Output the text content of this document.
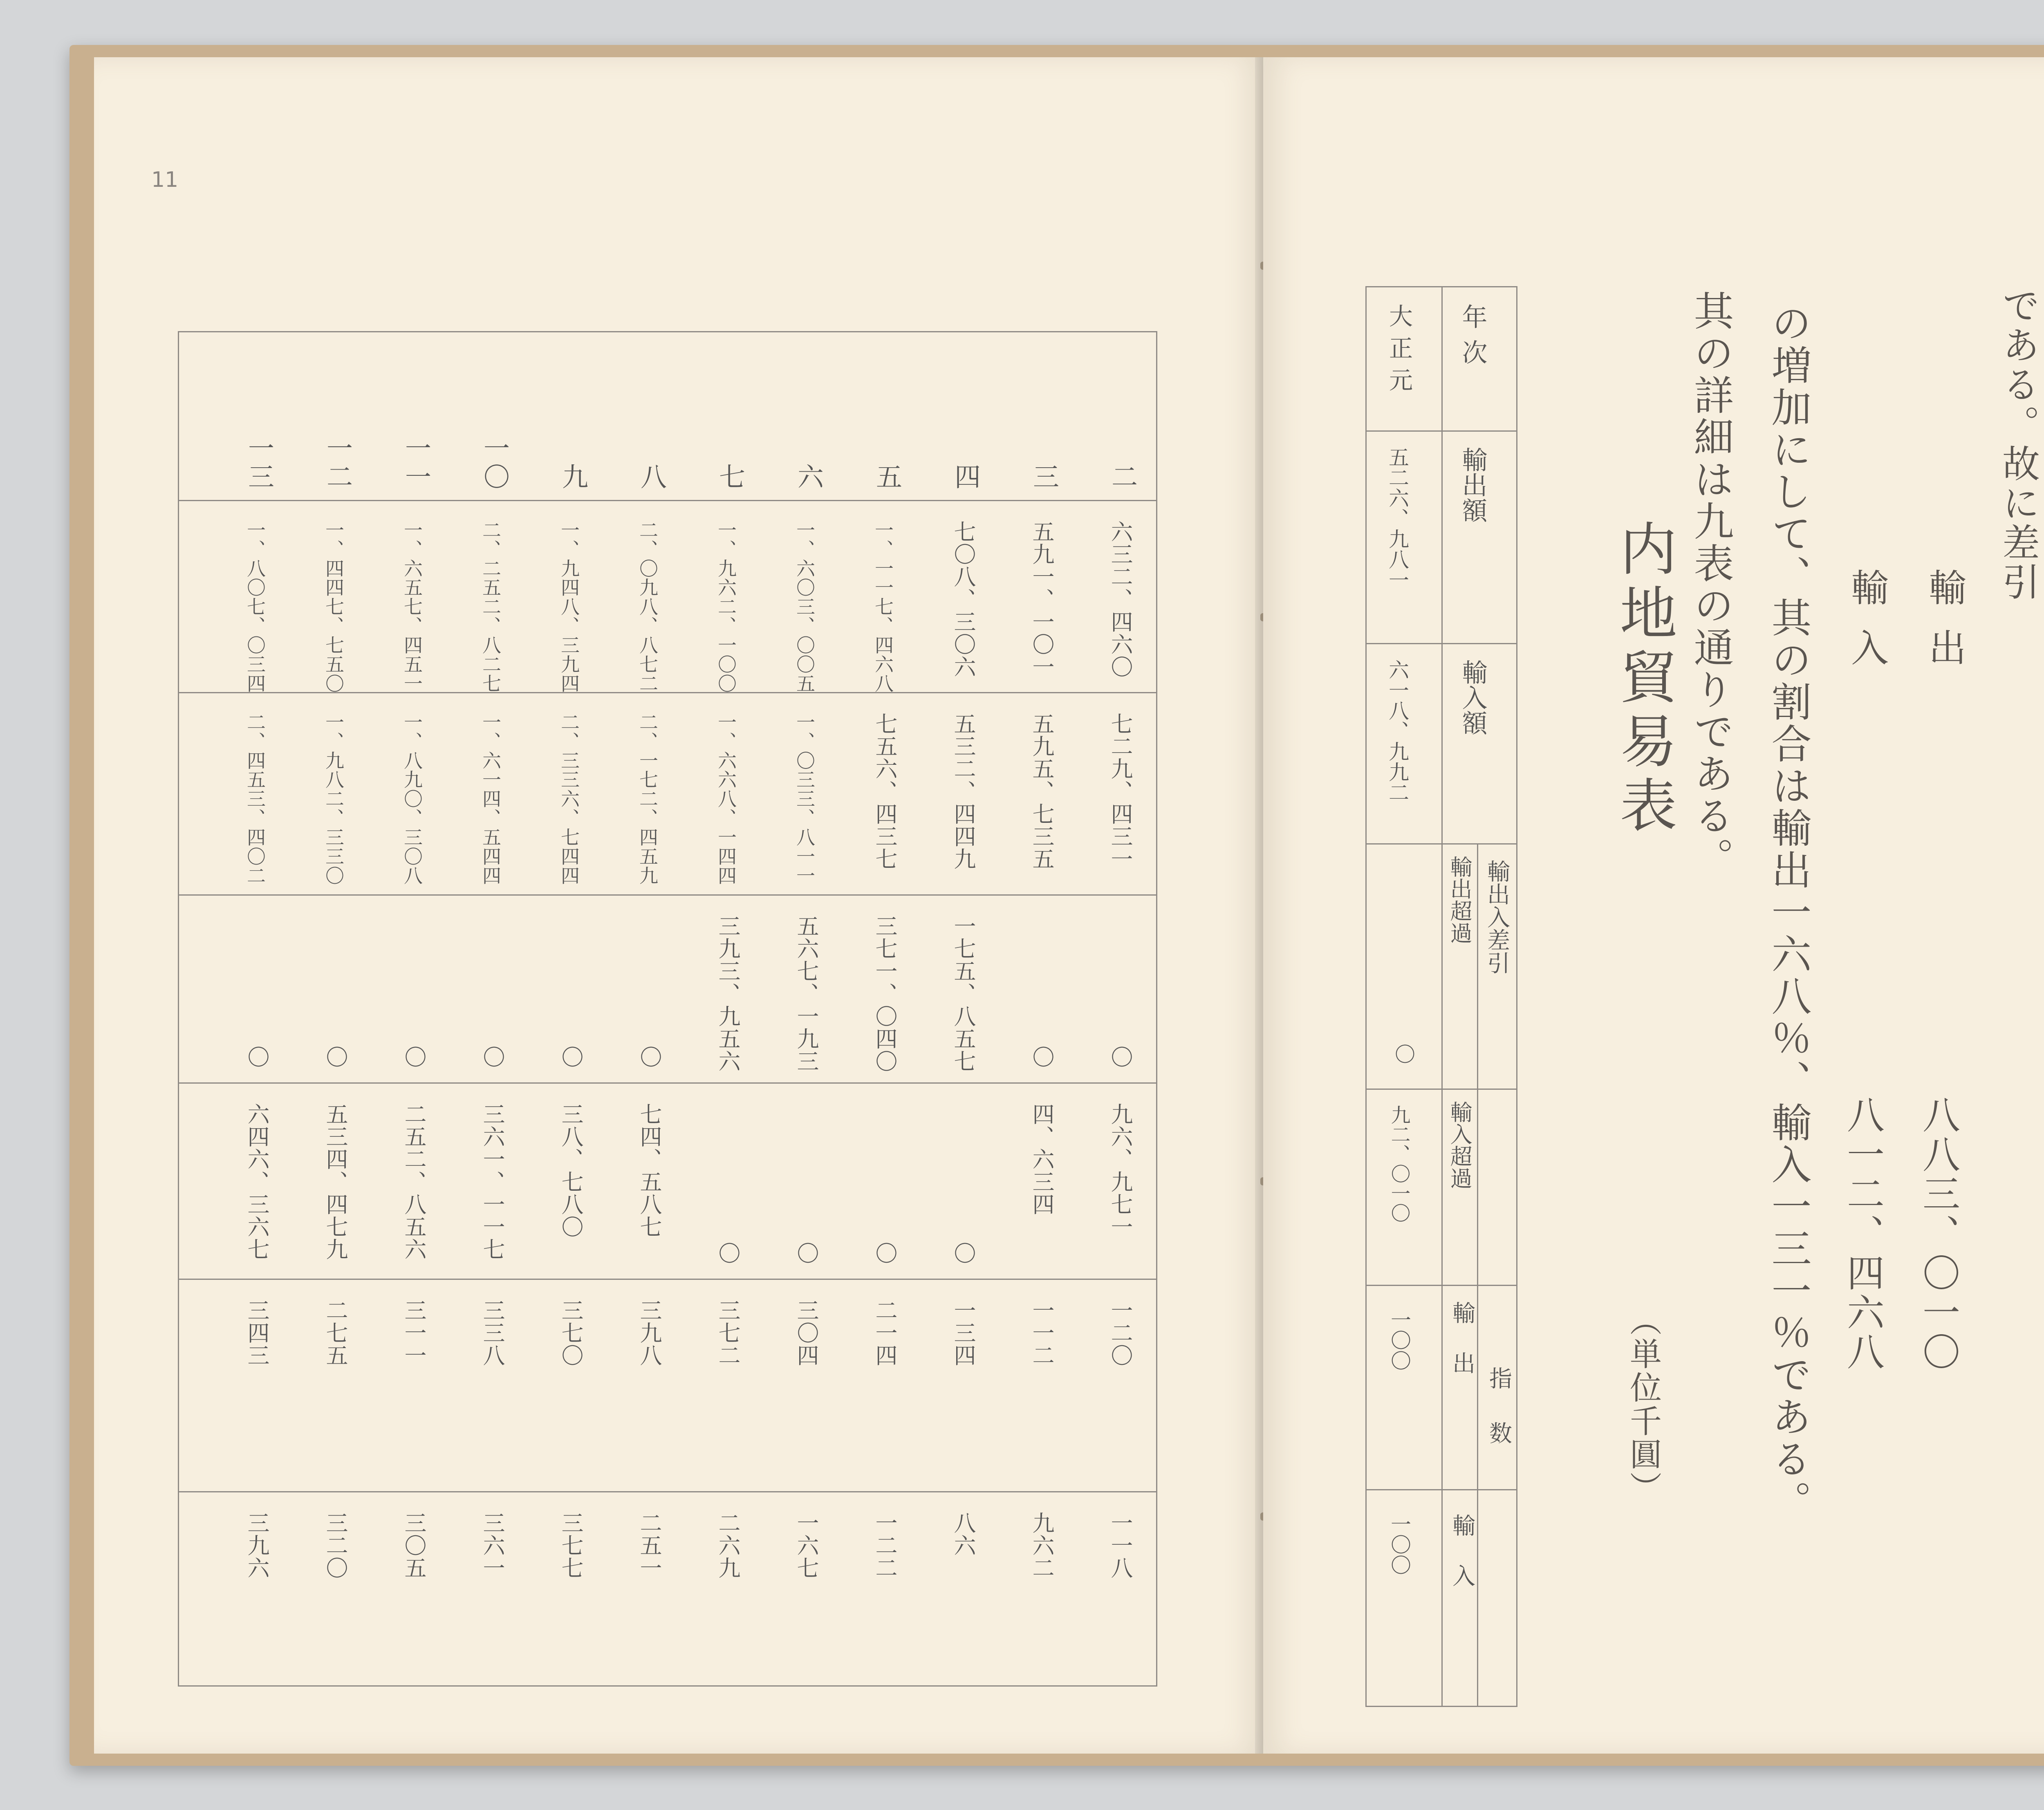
11
二
三
四
五
六
七
八
九
一〇
一一
一二
一三
六三二、四六〇
五九一、一〇一
七〇八、三〇六
一、一一七、四六八
一、六〇三、〇〇五
一、九六二、一〇〇
二、〇九八、八七二
一、九四八、三九四
二、二五二、八二七
一、六五七、四五一
一、四四七、七五〇
一、八〇七、〇三四
七二九、四三一
五九五、七三五
五三二、四四九
七五六、四三七
一、〇三三、八一一
一、六六八、一四四
二、一七二、四五九
二、三三六、七四四
一、六一四、五四四
一、八九〇、三〇八
一、九八二、三三〇
二、四五三、四〇二
〇
〇
一七五、八五七
三七一、〇四〇
五六七、一九三
三九三、九五六
〇
〇
〇
〇
〇
〇
九六、九七一
四、六三四
〇
〇
〇
〇
七四、五八七
三八、七八〇
三六一、一一七
二五二、八五六
五三四、四七九
六四六、三六七
一二〇
一一二
一三四
二一四
三〇四
三七二
三九八
三七〇
三三八
三一一
二七五
三四三
一一八
九六二
八六
一二二
一六七
二六九
二五一
三七七
三六一
三〇五
三二〇
三九六
である。故に差引
輸出
八八三、〇一〇
輸入
八一二、四六八
の増加にして、其の割合は輸出一六八％、輸入一三一％である。
其の詳細は九表の通りである。
内地貿易表
（単位千圓）
年次
大正元
輸出額
五二六、九八一
輸入額
六一八、九九二
輸出入差引
輸出超過
〇
輸入超過
九二、〇一〇
指数
輸出
一〇〇
輸入
一〇〇
